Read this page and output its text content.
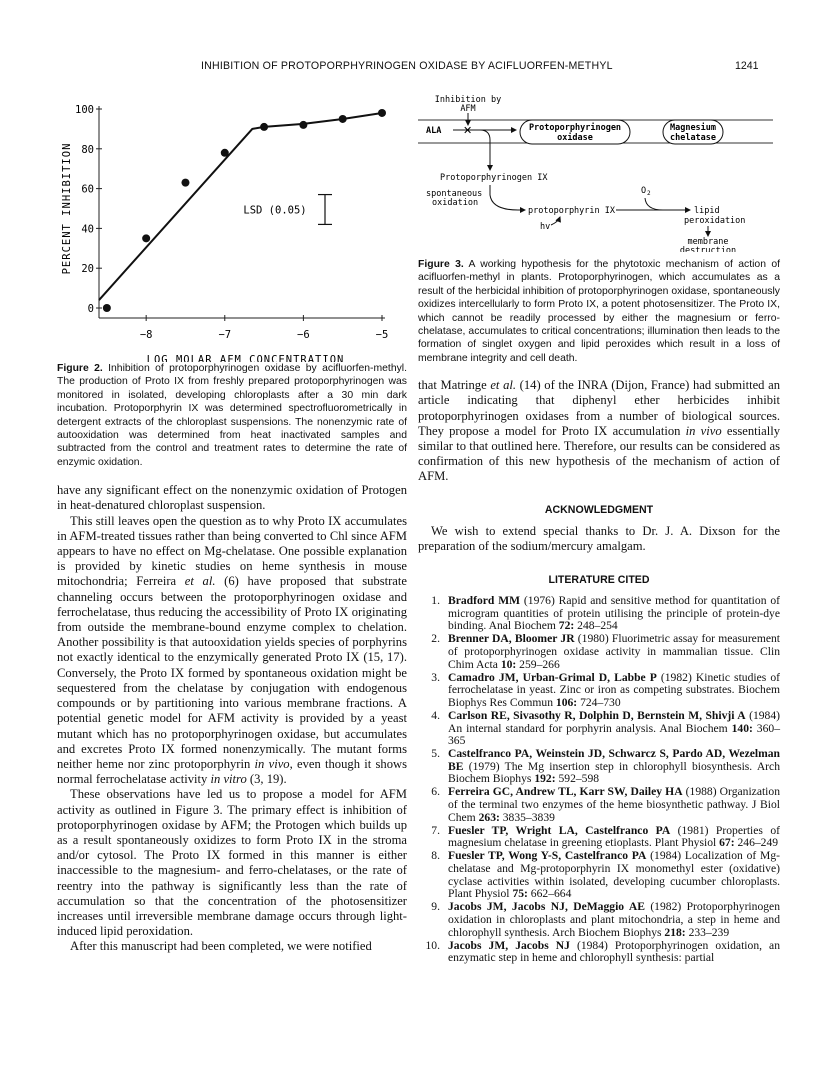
INHIBITION OF PROTOPORPHYRINOGEN OXIDASE BY ACIFLUORFEN-METHYL	1241
0
20
40
60
80
100
−8	−7	−6	−5
LOG MOLAR AFM CONCENTRATION
PERCENT INHIBITION	LSD (0.05)

Figure 2. Inhibition of protoporphyrinogen oxidase by acifluorfen-methyl. The production of Proto IX from freshly prepared protoporphyrinogen was monitored in isolated, developing chloroplasts after a 30 min dark incubation. Protoporphyrin IX was determined spectrofluorometrically in detergent extracts of the chloroplast suspensions. The nonenzymic rate of autooxidation was determined from heat inactivated samples and subtracted from the control and treatment rates to determine the rate of enzymic oxidation.

have any significant effect on the nonenzymic oxidation of Protogen in heat-denatured chloroplast suspension.

This still leaves open the question as to why Proto IX accumulates in AFM-treated tissues rather than being converted to Chl since AFM appears to have no effect on Mg-chelatase. One possible explanation is provided by kinetic studies on heme synthesis in mouse mitochondria; Ferreira et al. (6) have proposed that substrate channeling occurs between the protoporphyrinogen oxidase and ferrochelatase, thus reducing the accessibility of Proto IX originating from outside the membrane-bound enzyme complex to chelation. Another possibility is that autooxidation yields species of porphyrins not exactly identical to the enzymically generated Proto IX (15, 17). Conversely, the Proto IX formed by spontaneous oxidation might be sequestered from the chelatase by conjugation with endogenous compounds or by partitioning into various membrane fractions. A potential genetic model for AFM activity is provided by a yeast mutant which has no protoporphyrinogen oxidase, but accumulates and excretes Proto IX formed nonenzymically. The mutant forms neither heme nor zinc protoporphyrin in vivo, even though it shows normal ferrochelatase activity in vitro (3, 19).

These observations have led us to propose a model for AFM activity as outlined in Figure 3. The primary effect is inhibition of protoporphyrinogen oxidase by AFM; the Protogen which builds up as a result spontaneously oxidizes to form Proto IX in the stroma and/or cytosol. The Proto IX formed in this manner is either inaccessible to the magnesium- and ferro-chelatases, or the rate of reentry into the pathway is significantly less than the rate of accumulation so that the concentration of the photosensitizer increases until irreversible membrane damage occurs through light-induced lipid peroxidation.

After this manuscript had been completed, we were notified

Inhibition by
AFM
ALA ✕	Protoporphyrinogen
oxidase
Magnesium
chelatase
Protoporphyrinogen IX
spontaneous
oxidation
protoporphyrin IX
hv
O 2
lipid
peroxidation
membrane
destruction

Figure 3. A working hypothesis for the phytotoxic mechanism of action of acifluorfen-methyl in plants. Protoporphyrinogen, which accumulates as a result of the herbicidal inhibition of protoporphyrinogen oxidase, spontaneously oxidizes intercellularly to form Proto IX, a potent photosensitizer. The Proto IX, which cannot be readily processed by either the magnesium or ferro-chelatase, accumulates to critical concentrations; illumination then leads to the formation of singlet oxygen and lipid peroxides which result in a loss of membrane integrity and cell death.

that Matringe et al. (14) of the INRA (Dijon, France) had submitted an article indicating that diphenyl ether herbicides inhibit protoporphyrinogen oxidases from a number of biological sources. They propose a model for Proto IX accumulation in vivo essentially similar to that outlined here. Therefore, our results can be considered as confirmation of this new hypothesis of the mechanism of action of AFM.

ACKNOWLEDGMENT

We wish to extend special thanks to Dr. J. A. Dixson for the preparation of the sodium/mercury amalgam.

LITERATURE CITED

1. Bradford MM (1976) Rapid and sensitive method for quantitation of microgram quantities of protein utilising the principle of protein-dye binding. Anal Biochem 72: 248–254
2. Brenner DA, Bloomer JR (1980) Fluorimetric assay for measurement of protoporphyrinogen oxidase activity in mammalian tissue. Clin Chim Acta 10: 259–266
3. Camadro JM, Urban-Grimal D, Labbe P (1982) Kinetic studies of ferrochelatase in yeast. Zinc or iron as competing substrates. Biochem Biophys Res Commun 106: 724–730
4. Carlson RE, Sivasothy R, Dolphin D, Bernstein M, Shivji A (1984) An internal standard for porphyrin analysis. Anal Biochem 140: 360–365
5. Castelfranco PA, Weinstein JD, Schwarcz S, Pardo AD, Wezelman BE (1979) The Mg insertion step in chlorophyll biosynthesis. Arch Biochem Biophys 192: 592–598
6. Ferreira GC, Andrew TL, Karr SW, Dailey HA (1988) Organization of the terminal two enzymes of the heme biosynthetic pathway. J Biol Chem 263: 3835–3839
7. Fuesler TP, Wright LA, Castelfranco PA (1981) Properties of magnesium chelatase in greening etioplasts. Plant Physiol 67: 246–249
8. Fuesler TP, Wong Y-S, Castelfranco PA (1984) Localization of Mg-chelatase and Mg-protoporphyrin IX monomethyl ester (oxidative) cyclase activities within isolated, developing cucumber chloroplasts. Plant Physiol 75: 662–664
9. Jacobs JM, Jacobs NJ, DeMaggio AE (1982) Protoporphyrinogen oxidation in chloroplasts and plant mitochondria, a step in heme and chlorophyll synthesis. Arch Biochem Biophys 218: 233–239
10. Jacobs JM, Jacobs NJ (1984) Protoporphyrinogen oxidation, an enzymatic step in heme and chlorophyll synthesis: partial
